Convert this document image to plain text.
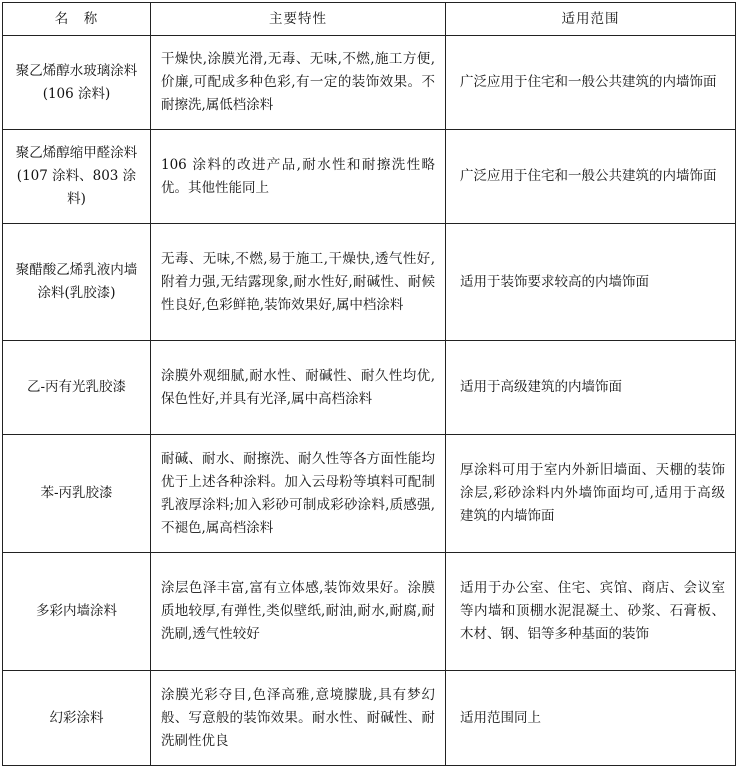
名　称	主要特性	适用范围
聚乙烯醇水玻璃涂料(106 涂料)	干燥快,涂膜光滑,无毒、无味,不燃,施工方便,价廉,可配成多种色彩,有一定的装饰效果。不耐擦洗,属低档涂料	广泛应用于住宅和一般公共建筑的内墙饰面
聚乙烯醇缩甲醛涂料(107 涂料、803 涂料)	106 涂料的改进产品,耐水性和耐擦洗性略优。其他性能同上	广泛应用于住宅和一般公共建筑的内墙饰面
聚醋酸乙烯乳液内墙涂料(乳胶漆)	无毒、无味,不燃,易于施工,干燥快,透气性好,附着力强,无结露现象,耐水性好,耐碱性、耐候性良好,色彩鲜艳,装饰效果好,属中档涂料	适用于装饰要求较高的内墙饰面
乙-丙有光乳胶漆	涂膜外观细腻,耐水性、耐碱性、耐久性均优,保色性好,并具有光泽,属中高档涂料	适用于高级建筑的内墙饰面
苯-丙乳胶漆	耐碱、耐水、耐擦洗、耐久性等各方面性能均优于上述各种涂料。加入云母粉等填料可配制乳液厚涂料;加入彩砂可制成彩砂涂料,质感强,不褪色,属高档涂料	厚涂料可用于室内外新旧墙面、天棚的装饰涂层,彩砂涂料内外墙饰面均可,适用于高级建筑的内墙饰面
多彩内墙涂料	涂层色泽丰富,富有立体感,装饰效果好。涂膜质地较厚,有弹性,类似壁纸,耐油,耐水,耐腐,耐洗刷,透气性较好	适用于办公室、住宅、宾馆、商店、会议室等内墙和顶棚水泥混凝土、砂浆、石膏板、木材、钢、铝等多种基面的装饰
幻彩涂料	涂膜光彩夺目,色泽高雅,意境朦胧,具有梦幻般、写意般的装饰效果。耐水性、耐碱性、耐洗刷性优良	适用范围同上
